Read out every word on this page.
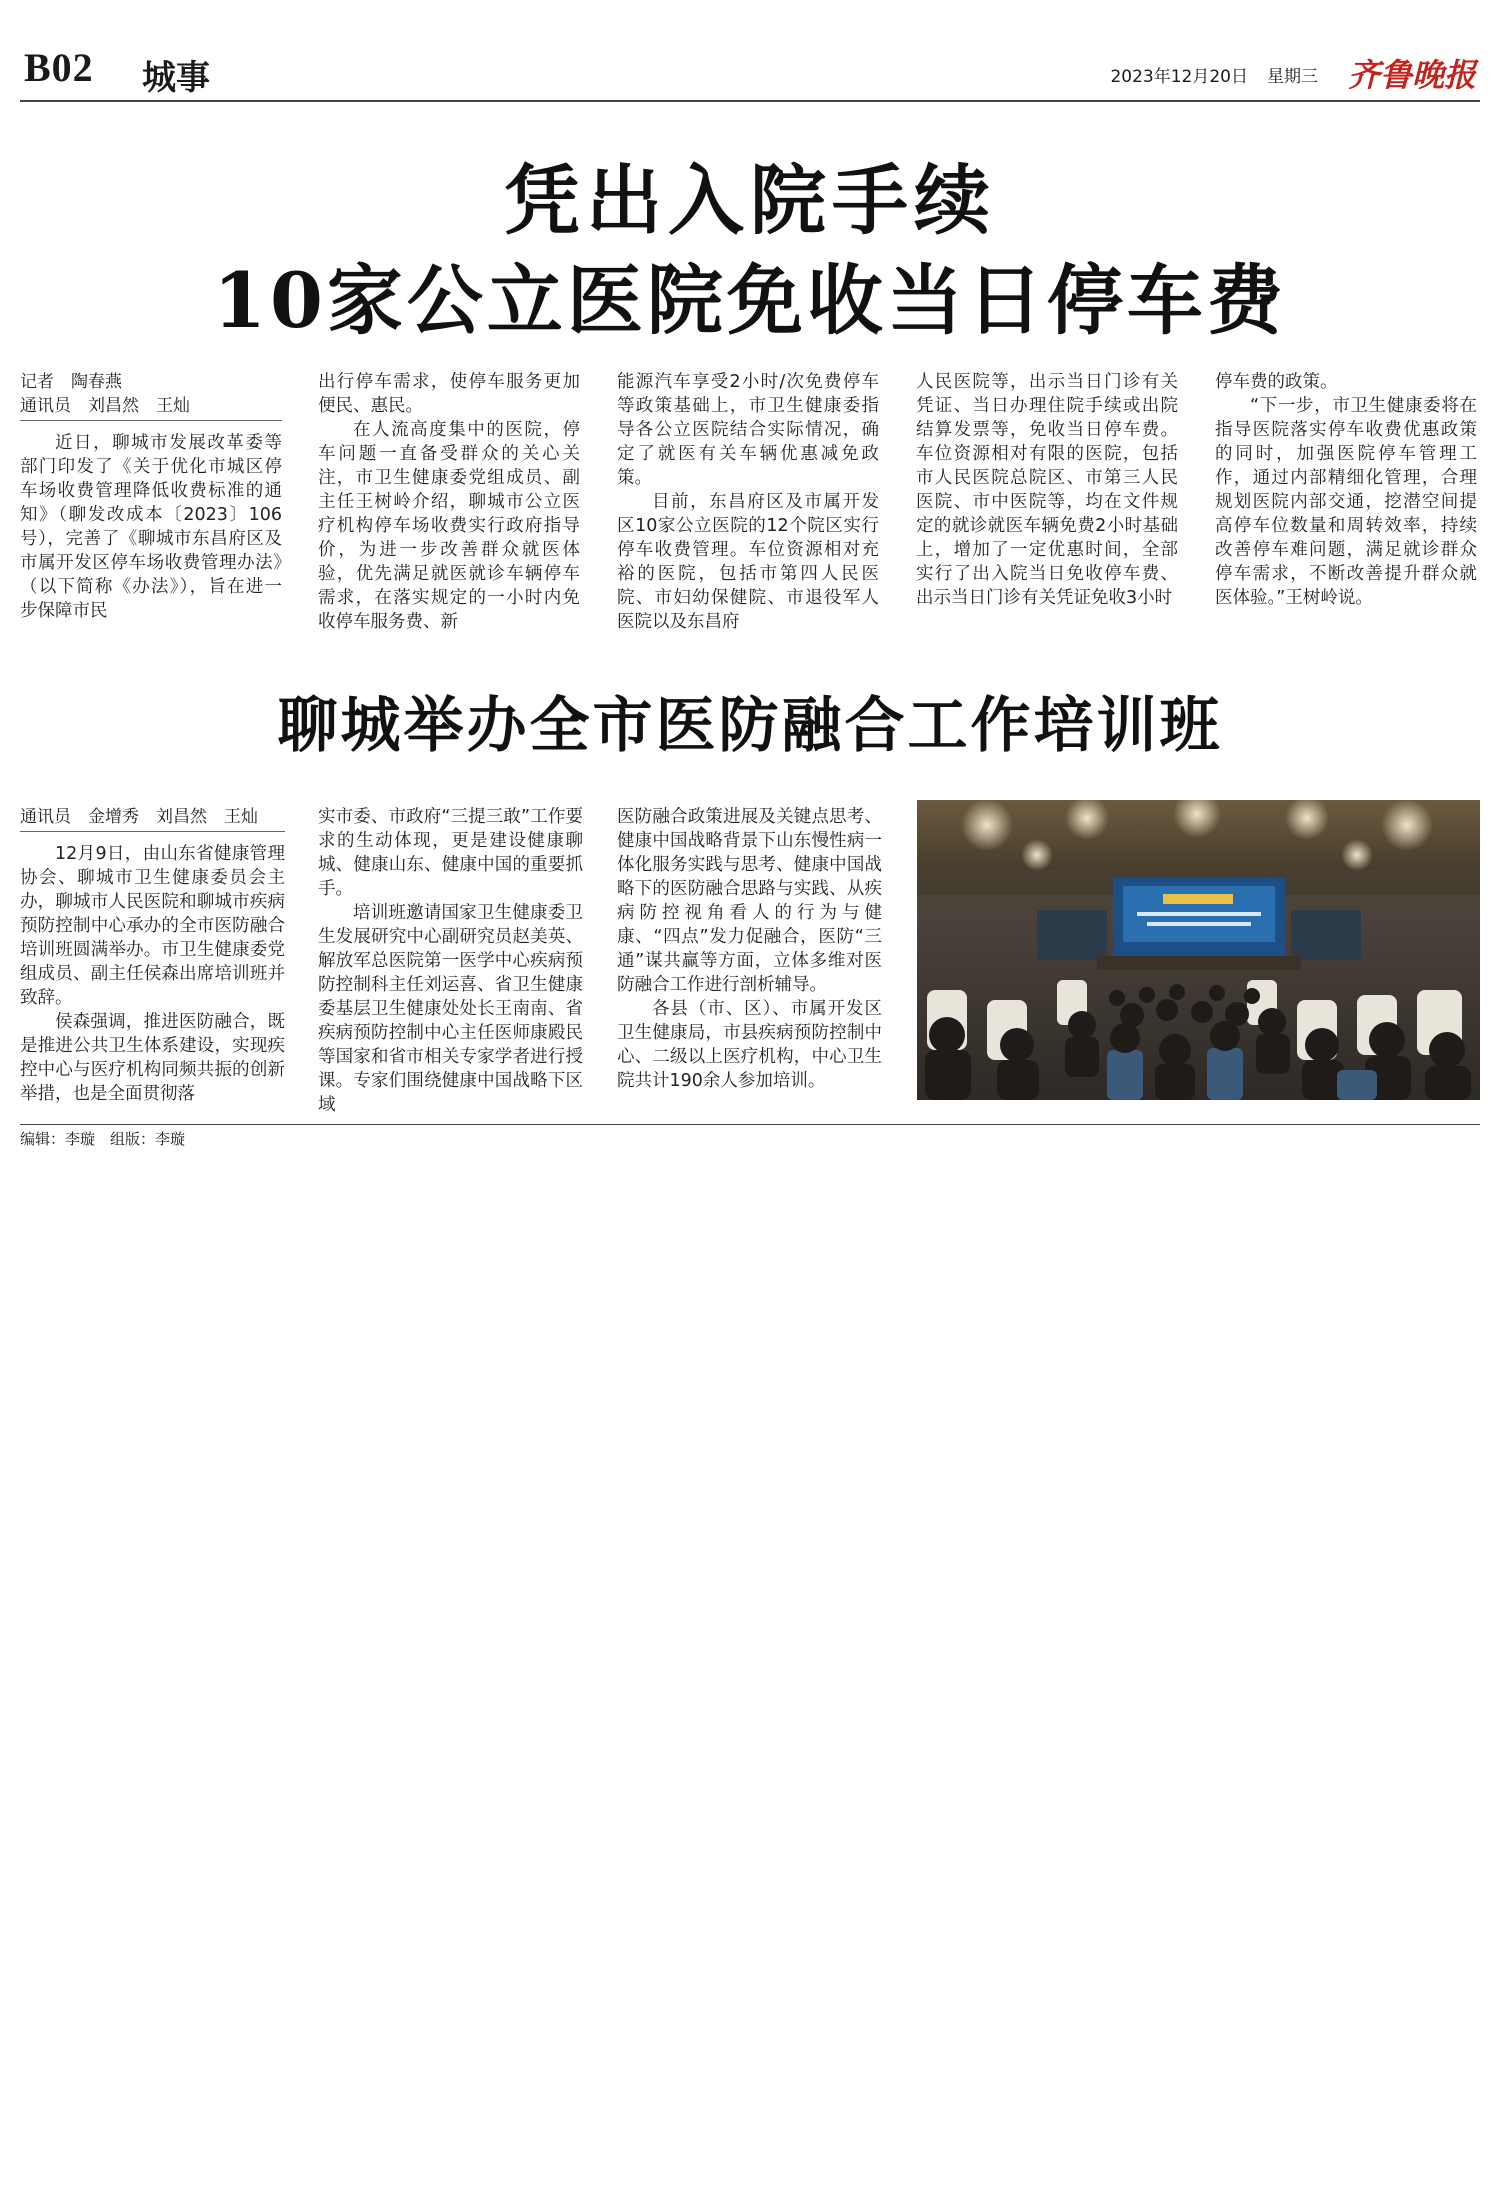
B02 城事	2023年12月20日 星期三 齐鲁晚报
凭出入院手续
10家公立医院免收当日停车费
记者　陶春燕
通讯员　刘昌然　王灿

近日，聊城市发展改革委等部门印发了《关于优化市城区停车场收费管理降低收费标准的通知》（聊发改成本〔2023〕106号），完善了《聊城市东昌府区及市属开发区停车场收费管理办法》（以下简称《办法》），旨在进一步保障市民

出行停车需求，使停车服务更加便民、惠民。

在人流高度集中的医院，停车问题一直备受群众的关心关注，市卫生健康委党组成员、副主任王树岭介绍，聊城市公立医疗机构停车场收费实行政府指导价，为进一步改善群众就医体验，优先满足就医就诊车辆停车需求，在落实规定的一小时内免收停车服务费、新

能源汽车享受2小时/次免费停车等政策基础上，市卫生健康委指导各公立医院结合实际情况，确定了就医有关车辆优惠减免政策。

目前，东昌府区及市属开发区10家公立医院的12个院区实行停车收费管理。车位资源相对充裕的医院，包括市第四人民医院、市妇幼保健院、市退役军人医院以及东昌府

人民医院等，出示当日门诊有关凭证、当日办理住院手续或出院结算发票等，免收当日停车费。车位资源相对有限的医院，包括市人民医院总院区、市第三人民医院、市中医院等，均在文件规定的就诊就医车辆免费2小时基础上，增加了一定优惠时间，全部实行了出入院当日免收停车费、出示当日门诊有关凭证免收3小时

停车费的政策。

“下一步，市卫生健康委将在指导医院落实停车收费优惠政策的同时，加强医院停车管理工作，通过内部精细化管理，合理规划医院内部交通，挖潜空间提高停车位数量和周转效率，持续改善停车难问题，满足就诊群众停车需求，不断改善提升群众就医体验。”王树岭说。

聊城举办全市医防融合工作培训班
通讯员　金增秀　刘昌然　王灿

12月9日，由山东省健康管理协会、聊城市卫生健康委员会主办，聊城市人民医院和聊城市疾病预防控制中心承办的全市医防融合培训班圆满举办。市卫生健康委党组成员、副主任侯森出席培训班并致辞。

侯森强调，推进医防融合，既是推进公共卫生体系建设，实现疾控中心与医疗机构同频共振的创新举措，也是全面贯彻落

实市委、市政府“三提三敢”工作要求的生动体现，更是建设健康聊城、健康山东、健康中国的重要抓手。

培训班邀请国家卫生健康委卫生发展研究中心副研究员赵美英、解放军总医院第一医学中心疾病预防控制科主任刘运喜、省卫生健康委基层卫生健康处处长王南南、省疾病预防控制中心主任医师康殿民等国家和省市相关专家学者进行授课。专家们围绕健康中国战略下区域

医防融合政策进展及关键点思考、健康中国战略背景下山东慢性病一体化服务实践与思考、健康中国战略下的医防融合思路与实践、从疾病防控视角看人的行为与健康、“四点”发力促融合，医防“三通”谋共赢等方面，立体多维对医防融合工作进行剖析辅导。

各县（市、区）、市属开发区卫生健康局，市县疾病预防控制中心、二级以上医疗机构，中心卫生院共计190余人参加培训。

编辑：李璇　组版：李璇
